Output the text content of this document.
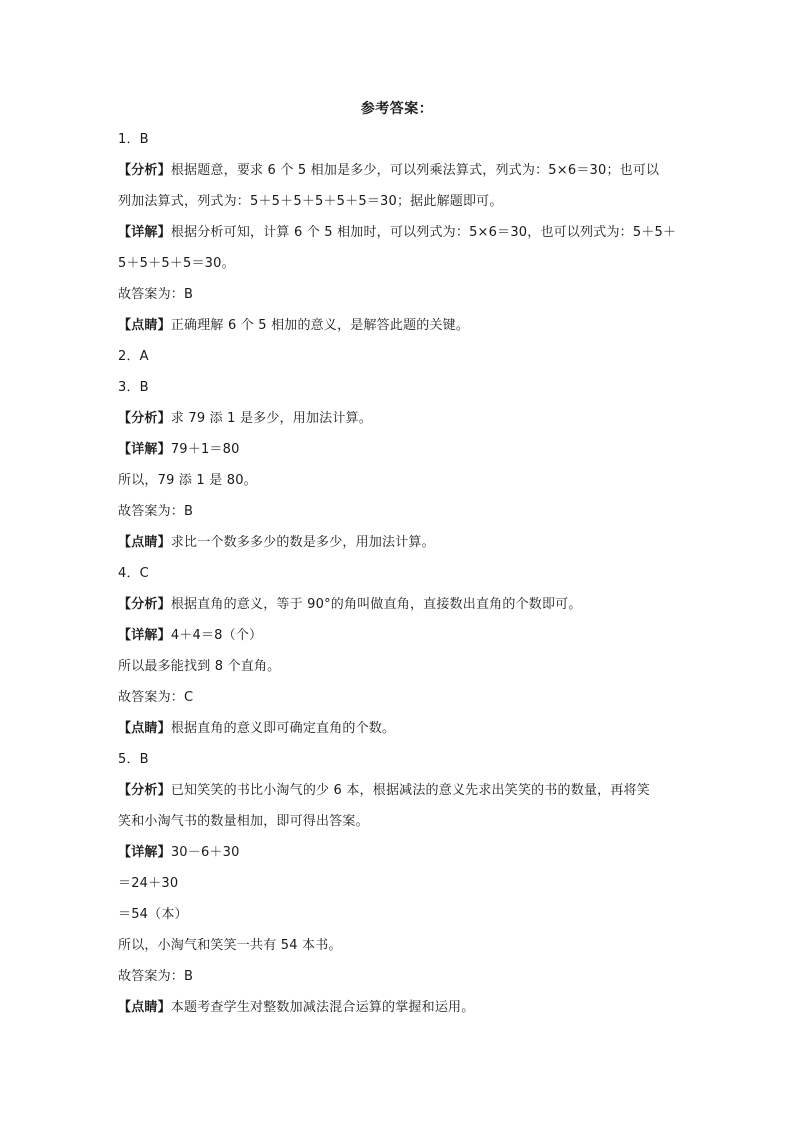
参考答案：
1．B
【分析】根据题意，要求 6 个 5 相加是多少，可以列乘法算式，列式为：5×6＝30；也可以
列加法算式，列式为：5＋5＋5＋5＋5＋5＝30；据此解题即可。
【详解】根据分析可知，计算 6 个 5 相加时，可以列式为：5×6＝30，也可以列式为：5＋5＋
5＋5＋5＋5＝30。
故答案为：B
【点睛】正确理解 6 个 5 相加的意义，是解答此题的关键。
2．A
3．B
【分析】求 79 添 1 是多少，用加法计算。
【详解】79＋1＝80
所以，79 添 1 是 80。
故答案为：B
【点睛】求比一个数多多少的数是多少，用加法计算。
4．C
【分析】根据直角的意义，等于 90°的角叫做直角，直接数出直角的个数即可。
【详解】4＋4＝8（个）
所以最多能找到 8 个直角。
故答案为：C
【点睛】根据直角的意义即可确定直角的个数。
5．B
【分析】已知笑笑的书比小淘气的少 6 本，根据减法的意义先求出笑笑的书的数量，再将笑
笑和小淘气书的数量相加，即可得出答案。
【详解】30－6＋30
＝24＋30
＝54（本）
所以，小淘气和笑笑一共有 54 本书。
故答案为：B
【点睛】本题考查学生对整数加减法混合运算的掌握和运用。
